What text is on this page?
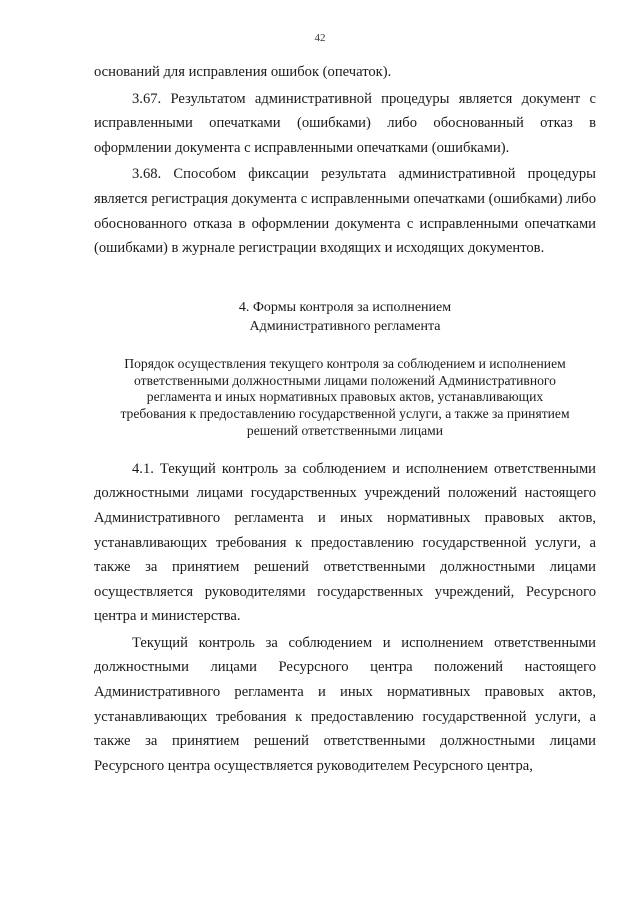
42

оснований для исправления ошибок (опечаток).

3.67. Результатом административной процедуры является документ с исправленными опечатками (ошибками) либо обоснованный отказ в оформлении документа с исправленными опечатками (ошибками).

3.68. Способом фиксации результата административной процедуры является регистрация документа с исправленными опечатками (ошибками) либо обоснованного отказа в оформлении документа с исправленными опечатками (ошибками) в журнале регистрации входящих и исходящих документов.

4. Формы контроля за исполнением
Административного регламента
Порядок осуществления текущего контроля за соблюдением и исполнением ответственными должностными лицами положений Административного регламента и иных нормативных правовых актов, устанавливающих требования к предоставлению государственной услуги, а также за принятием решений ответственными лицами

4.1. Текущий контроль за соблюдением и исполнением ответственными должностными лицами государственных учреждений положений настоящего Административного регламента и иных нормативных правовых актов, устанавливающих требования к предоставлению государственной услуги, а также за принятием решений ответственными должностными лицами осуществляется руководителями государственных учреждений, Ресурсного центра и министерства.

Текущий контроль за соблюдением и исполнением ответственными должностными лицами Ресурсного центра положений настоящего Административного регламента и иных нормативных правовых актов, устанавливающих требования к предоставлению государственной услуги, а также за принятием решений ответственными должностными лицами Ресурсного центра осуществляется руководителем Ресурсного центра,
